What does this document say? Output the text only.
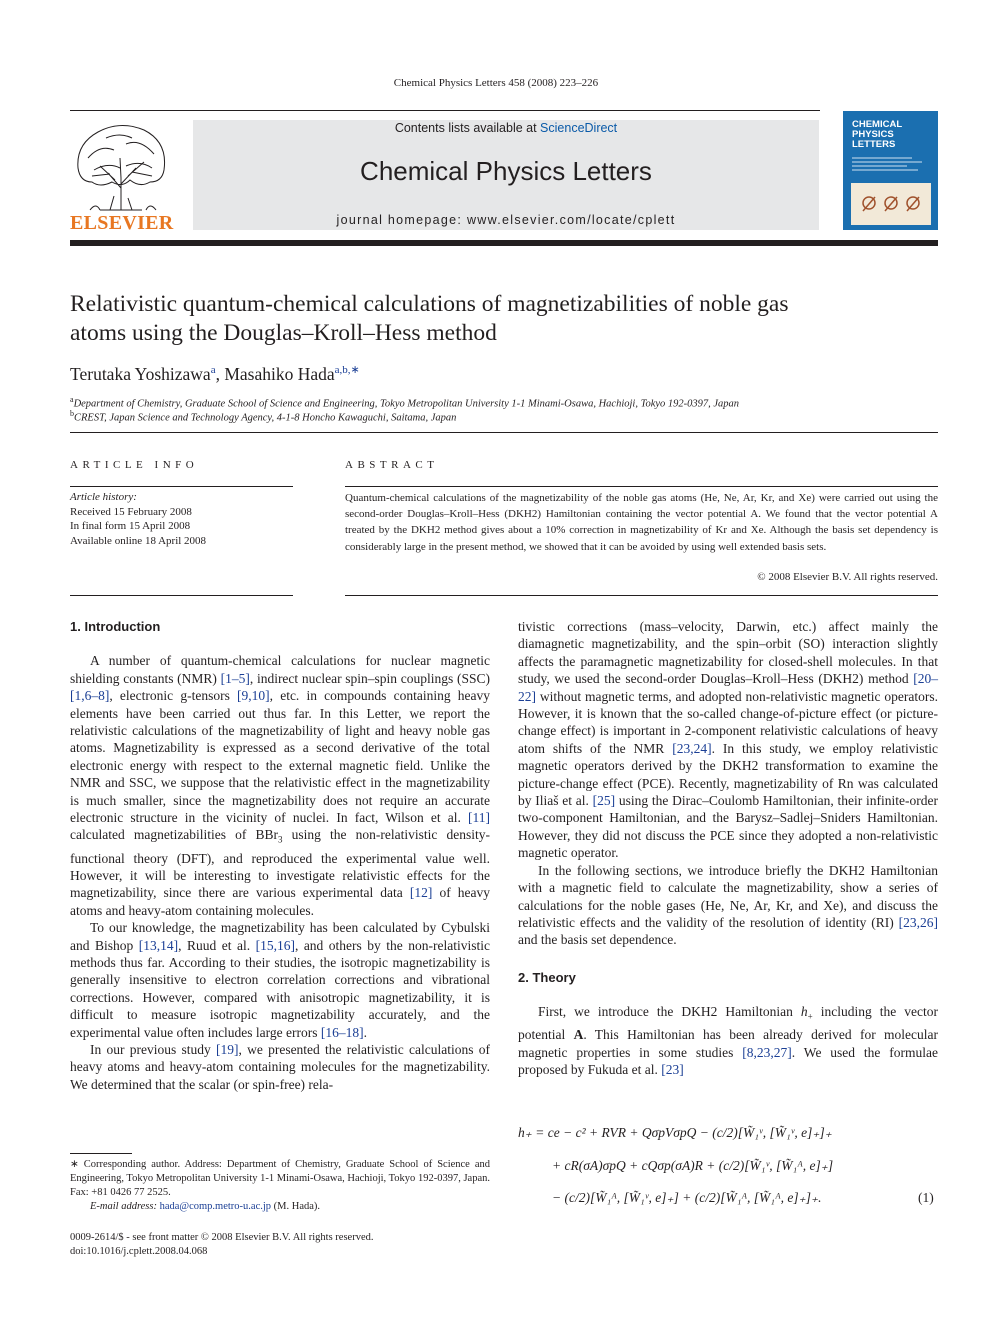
Chemical Physics Letters 458 (2008) 223–226
ELSEVIER
Contents lists available at ScienceDirect
Chemical Physics Letters
journal homepage: www.elsevier.com/locate/cplett
CHEMICAL PHYSICS LETTERS
Relativistic quantum-chemical calculations of magnetizabilities of noble gas
atoms using the Douglas–Kroll–Hess method
Terutaka Yoshizawa$^a$, Masahiko Hada$^{a,b,∗}$
$^a$Department of Chemistry, Graduate School of Science and Engineering, Tokyo Metropolitan University 1-1 Minami-Osawa, Hachioji, Tokyo 192-0397, Japan
$^b$CREST, Japan Science and Technology Agency, 4-1-8 Honcho Kawaguchi, Saitama, Japan
ARTICLE INFO
Article history:
Received 15 February 2008
In final form 15 April 2008
Available online 18 April 2008
ABSTRACT
Quantum-chemical calculations of the magnetizability of the noble gas atoms (He, Ne, Ar, Kr, and Xe) were carried out using the second-order Douglas–Kroll–Hess (DKH2) Hamiltonian containing the vector potential A. We found that the vector potential A treated by the DKH2 method gives about a 10% correction in magnetizability of Kr and Xe. Although the basis set dependency is considerably large in the present method, we showed that it can be avoided by using well extended basis sets.
© 2008 Elsevier B.V. All rights reserved.

1. Introduction

A number of quantum-chemical calculations for nuclear magnetic shielding constants (NMR) [1–5], indirect nuclear spin–spin couplings (SSC) [1,6–8], electronic g-tensors [9,10], etc. in compounds containing heavy elements have been carried out thus far. In this Letter, we report the relativistic calculations of the magnetizability of light and heavy noble gas atoms. Magnetizability is expressed as a second derivative of the total electronic energy with respect to the external magnetic field. Unlike the NMR and SSC, we suppose that the relativistic effect in the magnetizability is much smaller, since the magnetizability does not require an accurate electronic structure in the vicinity of nuclei. In fact, Wilson et al. [11] calculated magnetizabilities of BBr$_3$ using the non-relativistic density-functional theory (DFT), and reproduced the experimental value well. However, it will be interesting to investigate relativistic effects for the magnetizability, since there are various experimental data [12] of heavy atoms and heavy-atom containing molecules.

To our knowledge, the magnetizability has been calculated by Cybulski and Bishop [13,14], Ruud et al. [15,16], and others by the non-relativistic methods thus far. According to their studies, the isotropic magnetizability is generally insensitive to electron correlation corrections and vibrational corrections. However, compared with anisotropic magnetizability, it is difficult to measure isotropic magnetizability accurately, and the experimental value often includes large errors [16–18].

In our previous study [19], we presented the relativistic calculations of heavy atoms and heavy-atom containing molecules for the magnetizability. We determined that the scalar (or spin-free) rela-

∗ Corresponding author. Address: Department of Chemistry, Graduate School of Science and Engineering, Tokyo Metropolitan University 1-1 Minami-Osawa, Hachioji, Tokyo 192-0397, Japan. Fax: +81 0426 77 2525.
E-mail address: hada@comp.metro-u.ac.jp (M. Hada).
0009-2614/$ - see front matter © 2008 Elsevier B.V. All rights reserved.
doi:10.1016/j.cplett.2008.04.068

tivistic corrections (mass–velocity, Darwin, etc.) affect mainly the diamagnetic magnetizability, and the spin–orbit (SO) interaction slightly affects the paramagnetic magnetizability for closed-shell molecules. In that study, we used the second-order Douglas–Kroll–Hess (DKH2) method [20–22] without magnetic terms, and adopted non-relativistic magnetic operators. However, it is known that the so-called change-of-picture effect (or picture-change effect) is important in 2-component relativistic calculations of heavy atom shifts of the NMR [23,24]. In this study, we employ relativistic magnetic operators derived by the DKH2 transformation to examine the picture-change effect (PCE). Recently, magnetizability of Rn was calculated by Iliaš et al. [25] using the Dirac–Coulomb Hamiltonian, their infinite-order two-component Hamiltonian, and the Barysz–Sadlej–Sniders Hamiltonian. However, they did not discuss the PCE since they adopted a non-relativistic magnetic operator.

In the following sections, we introduce briefly the DKH2 Hamiltonian with a magnetic field to calculate the magnetizability, show a series of calculations for the noble gases (He, Ne, Ar, Kr, and Xe), and discuss the relativistic effects and the validity of the resolution of identity (RI) [23,26] and the basis set dependence.

2. Theory

First, we introduce the DKH2 Hamiltonian $h_+$ including the vector potential A. This Hamiltonian has been already derived for molecular magnetic properties in some studies [8,23,27]. We used the formulae proposed by Fukuda et al. [23]

h₊ = ce − c² + RVR + QσpVσpQ − (c/2)[W̃₁ᵛ, [W̃₁ᵛ, e]₊]₊
+ cR(σA)σpQ + cQσp(σA)R + (c/2)[W̃₁ᵛ, [W̃₁ᴬ, e]₊]
− (c/2)[W̃₁ᴬ, [W̃₁ᵛ, e]₊] + (c/2)[W̃₁ᴬ, [W̃₁ᴬ, e]₊]₊.	(1)
